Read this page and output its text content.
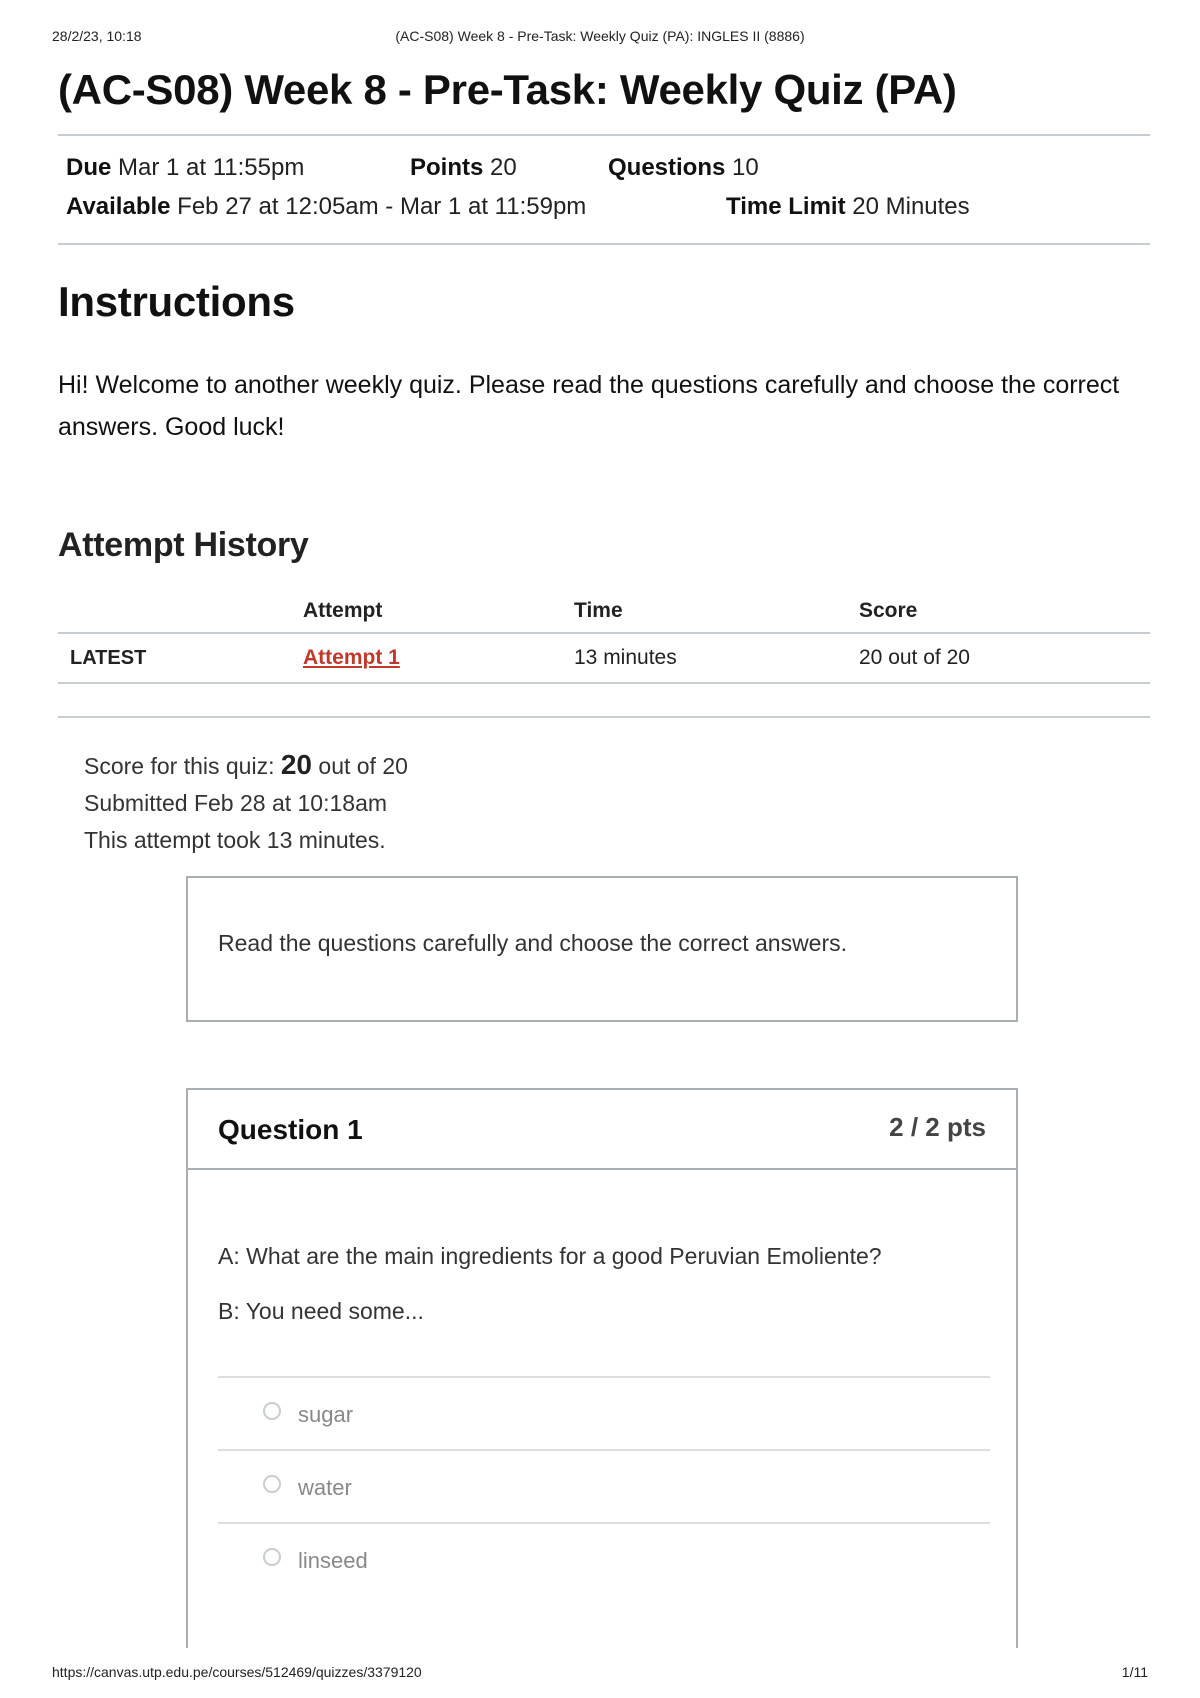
28/2/23, 10:18	(AC-S08) Week 8 - Pre-Task: Weekly Quiz (PA): INGLES II (8886)
(AC-S08) Week 8 - Pre-Task: Weekly Quiz (PA)
Due Mar 1 at 11:55pm	Points 20	Questions 10
Available Feb 27 at 12:05am - Mar 1 at 11:59pm	Time Limit 20 Minutes
Instructions

Hi! Welcome to another weekly quiz. Please read the questions carefully and choose the correct answers. Good luck!

Attempt History
	Attempt	Time	Score
LATEST	Attempt 1	13 minutes	20 out of 20
Score for this quiz: 20 out of 20
Submitted Feb 28 at 10:18am
This attempt took 13 minutes.

Read the questions carefully and choose the correct answers.

Question 1	2 / 2 pts

A: What are the main ingredients for a good Peruvian Emoliente?

B: You need some...

sugar
water
linseed
https://canvas.utp.edu.pe/courses/512469/quizzes/3379120	1/11
